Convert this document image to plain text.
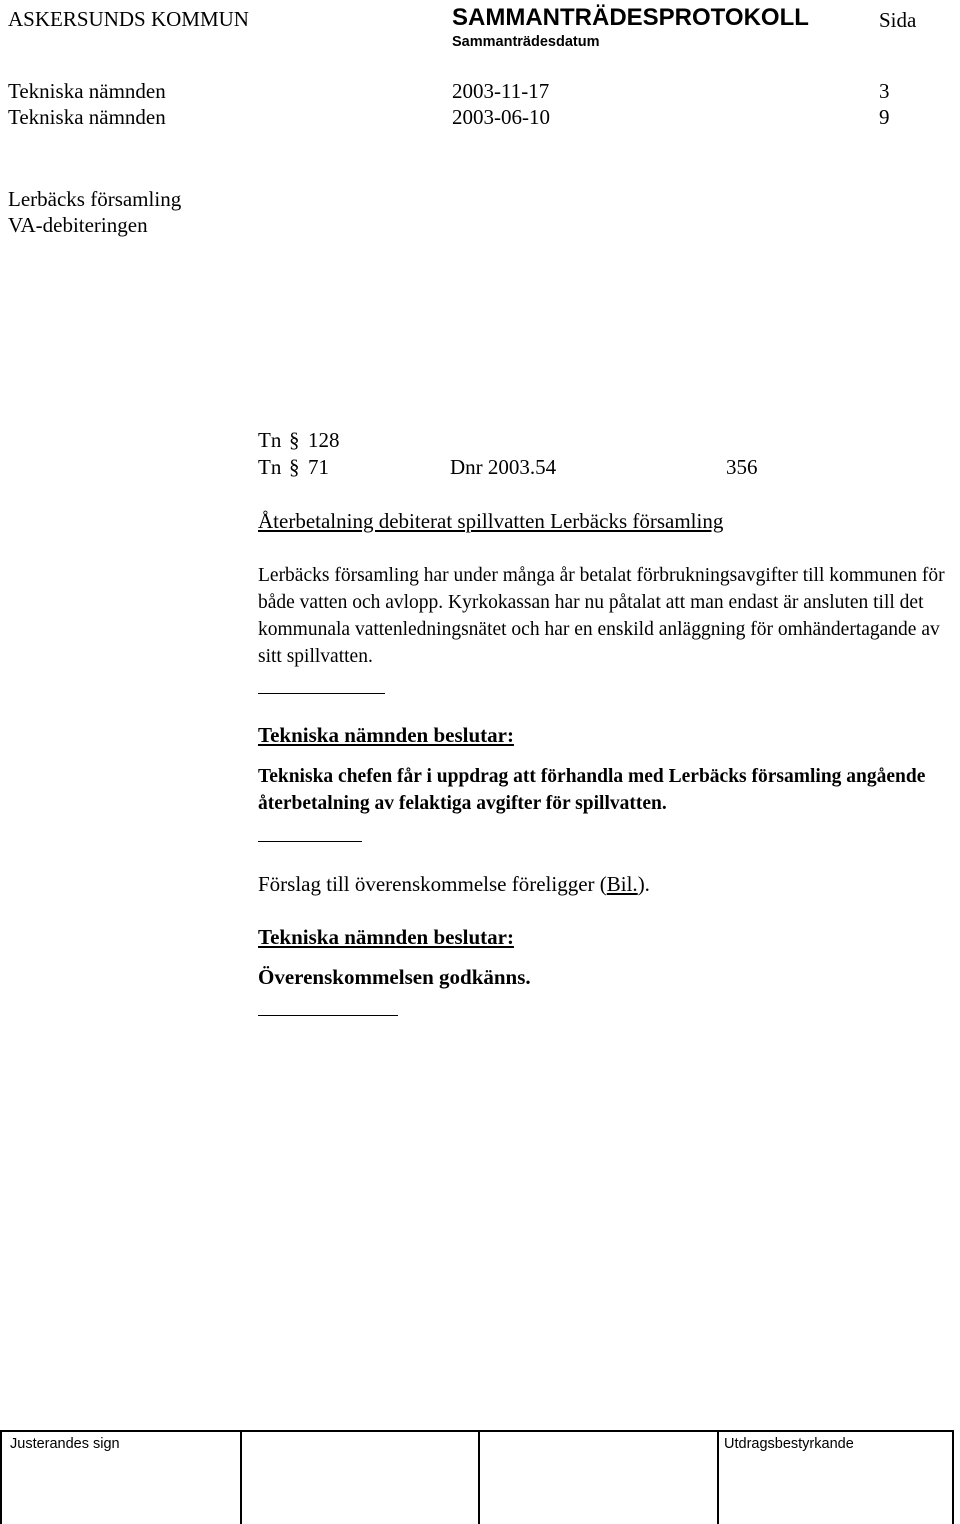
ASKERSUNDS KOMMUN	SAMMANTRÄDESPROTOKOLL	Sida
Sammanträdesdatum
Tekniska nämnden	2003-11-17	3
Tekniska nämnden	2003-06-10	9
Lerbäcks församling
VA-debiteringen
Tn § 128
Tn § 71	Dnr 2003.54	356
Återbetalning debiterat spillvatten Lerbäcks församling
Lerbäcks församling har under många år betalat förbrukningsavgifter till kommunen för både vatten och avlopp. Kyrkokassan har nu påtalat att man endast är ansluten till det kommunala vattenledningsnätet och har en enskild anläggning för omhändertagande av sitt spillvatten.
Tekniska nämnden beslutar:
Tekniska chefen får i uppdrag att förhandla med Lerbäcks församling angående återbetalning av felaktiga avgifter för spillvatten.
Förslag till överenskommelse föreligger (Bil.).
Tekniska nämnden beslutar:
Överenskommelsen godkänns.
Justerandes sign	Utdragsbestyrkande
